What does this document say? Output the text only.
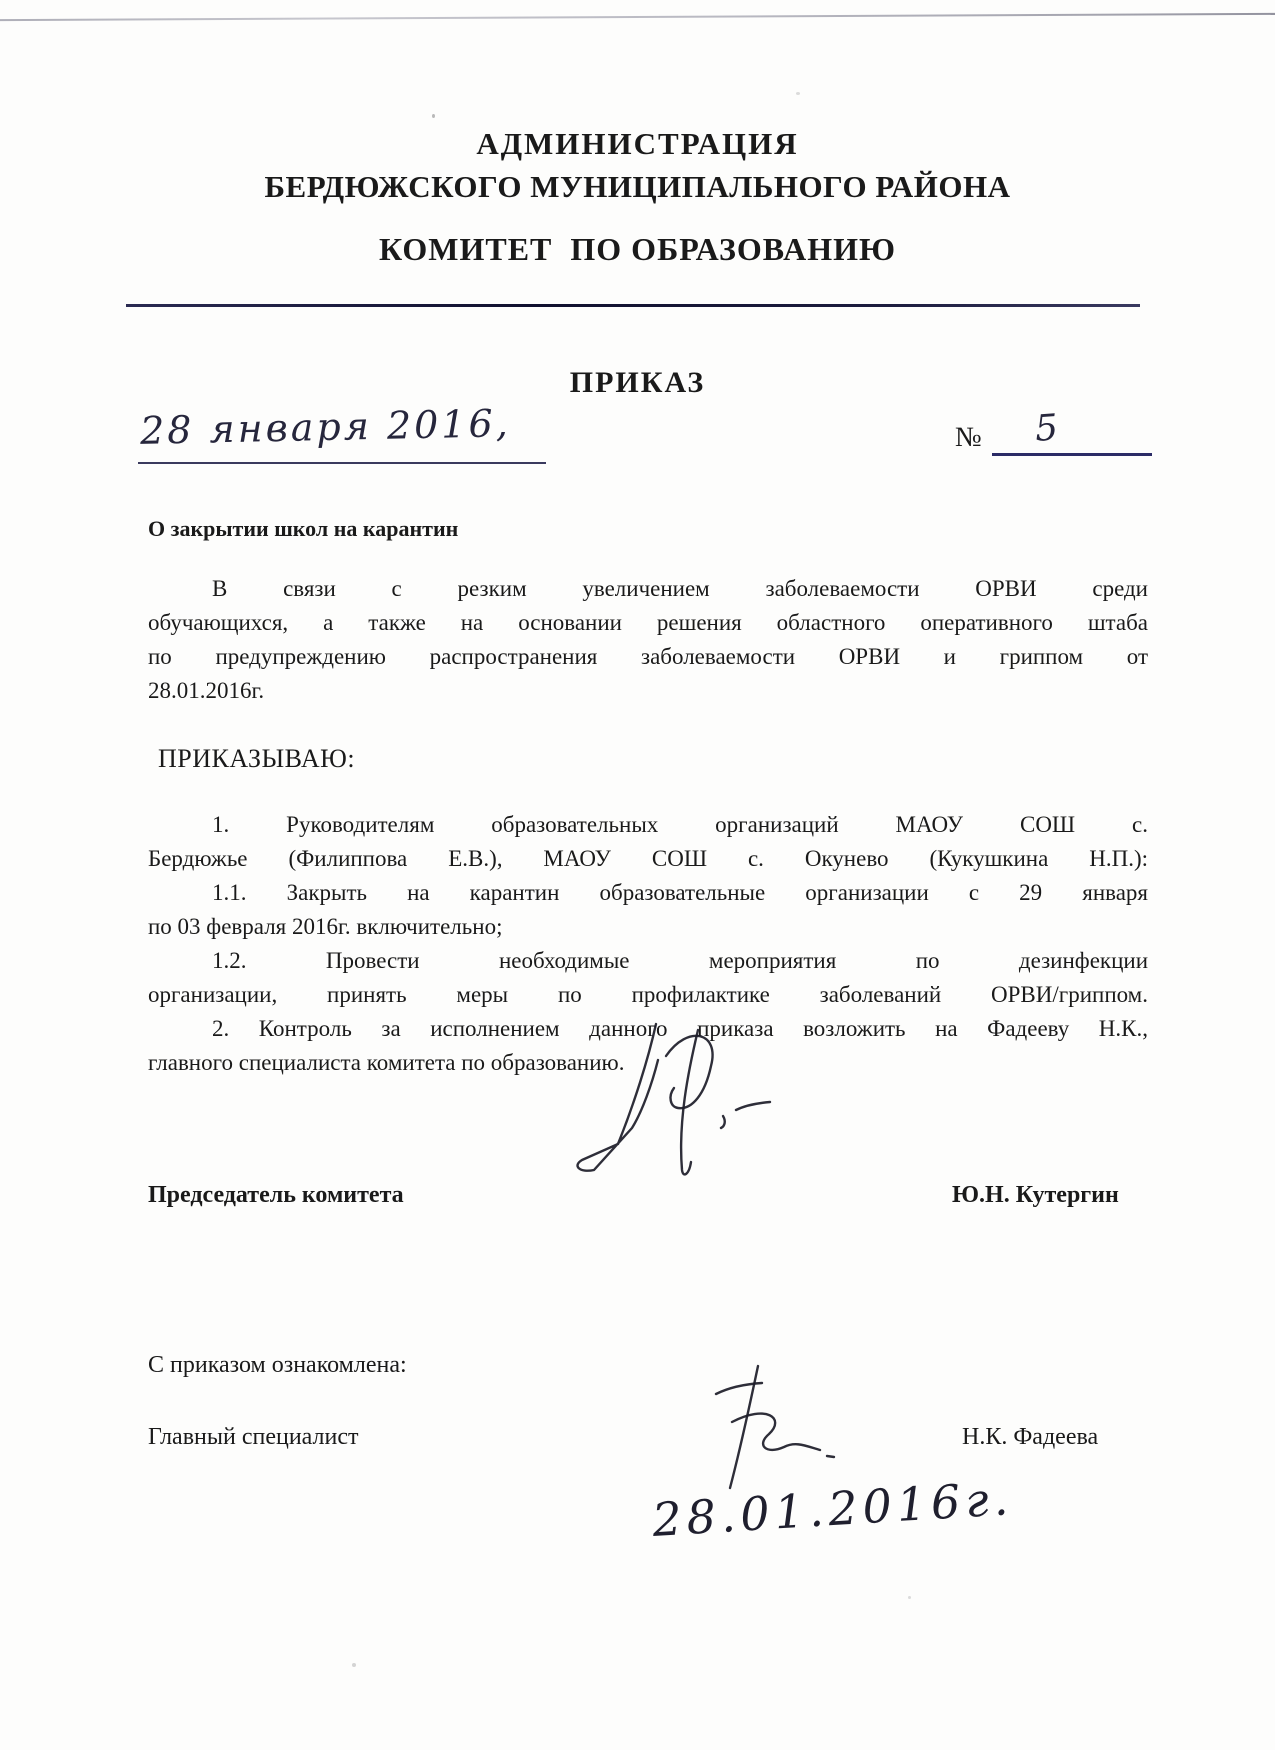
АДМИНИСТРАЦИЯ
БЕРДЮЖСКОГО МУНИЦИПАЛЬНОГО РАЙОНА
КОМИТЕТ  ПО ОБРАЗОВАНИЮ
ПРИКАЗ
28 января 2016,	№ 5
О закрытии школ на карантин
В связи с резким увеличением заболеваемости ОРВИ среди
обучающихся, а также на основании решения областного оперативного штаба
по предупреждению распространения заболеваемости ОРВИ и гриппом от
28.01.2016г.
ПРИКАЗЫВАЮ:
1. Руководителям образовательных организаций МАОУ СОШ с.
Бердюжье (Филиппова Е.В.), МАОУ СОШ с. Окунево (Кукушкина Н.П.):
1.1. Закрыть на карантин образовательные организации с 29 января
по 03 февраля 2016г. включительно;
1.2. Провести необходимые мероприятия по дезинфекции
организации, принять меры по профилактике заболеваний ОРВИ/гриппом.
2. Контроль за исполнением данного приказа возложить на Фадееву Н.К.,
главного специалиста комитета по образованию.
Председатель комитета	Ю.Н. Кутергин
С приказом ознакомлена:
Главный специалист	Н.К. Фадеева
28.01.2016г.
